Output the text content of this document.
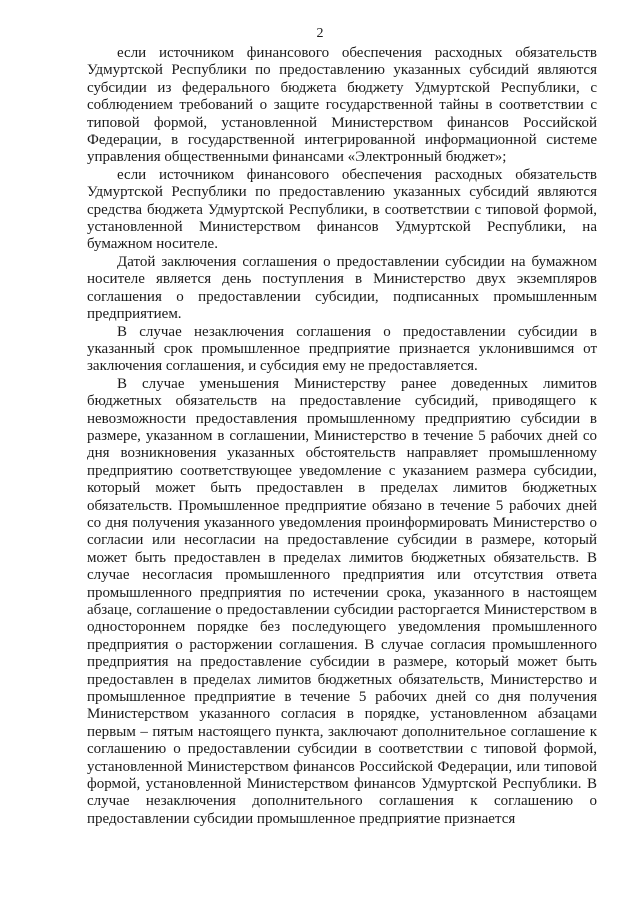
2

если источником финансового обеспечения расходных обязательств Удмуртской Республики по предоставлению указанных субсидий являются субсидии из федерального бюджета бюджету Удмуртской Республики, с соблюдением требований о защите государственной тайны в соответствии с типовой формой, установленной Министерством финансов Российской Федерации, в государственной интегрированной информационной системе управления общественными финансами «Электронный бюджет»;

если источником финансового обеспечения расходных обязательств Удмуртской Республики по предоставлению указанных субсидий являются средства бюджета Удмуртской Республики, в соответствии с типовой формой, установленной Министерством финансов Удмуртской Республики, на бумажном носителе.

Датой заключения соглашения о предоставлении субсидии на бумажном носителе является день поступления в Министерство двух экземпляров соглашения о предоставлении субсидии, подписанных промышленным предприятием.

В случае незаключения соглашения о предоставлении субсидии в указанный срок промышленное предприятие признается уклонившимся от заключения соглашения, и субсидия ему не предоставляется.

В случае уменьшения Министерству ранее доведенных лимитов бюджетных обязательств на предоставление субсидий, приводящего к невозможности предоставления промышленному предприятию субсидии в размере, указанном в соглашении, Министерство в течение 5 рабочих дней со дня возникновения указанных обстоятельств направляет промышленному предприятию соответствующее уведомление с указанием размера субсидии, который может быть предоставлен в пределах лимитов бюджетных обязательств. Промышленное предприятие обязано в течение 5 рабочих дней со дня получения указанного уведомления проинформировать Министерство о согласии или несогласии на предоставление субсидии в размере, который может быть предоставлен в пределах лимитов бюджетных обязательств. В случае несогласия промышленного предприятия или отсутствия ответа промышленного предприятия по истечении срока, указанного в настоящем абзаце, соглашение о предоставлении субсидии расторгается Министерством в одностороннем порядке без последующего уведомления промышленного предприятия о расторжении соглашения. В случае согласия промышленного предприятия на предоставление субсидии в размере, который может быть предоставлен в пределах лимитов бюджетных обязательств, Министерство и промышленное предприятие в течение 5 рабочих дней со дня получения Министерством указанного согласия в порядке, установленном абзацами первым – пятым настоящего пункта, заключают дополнительное соглашение к соглашению о предоставлении субсидии в соответствии с типовой формой, установленной Министерством финансов Российской Федерации, или типовой формой, установленной Министерством финансов Удмуртской Республики. В случае незаключения дополнительного соглашения к соглашению о предоставлении субсидии промышленное предприятие признается
